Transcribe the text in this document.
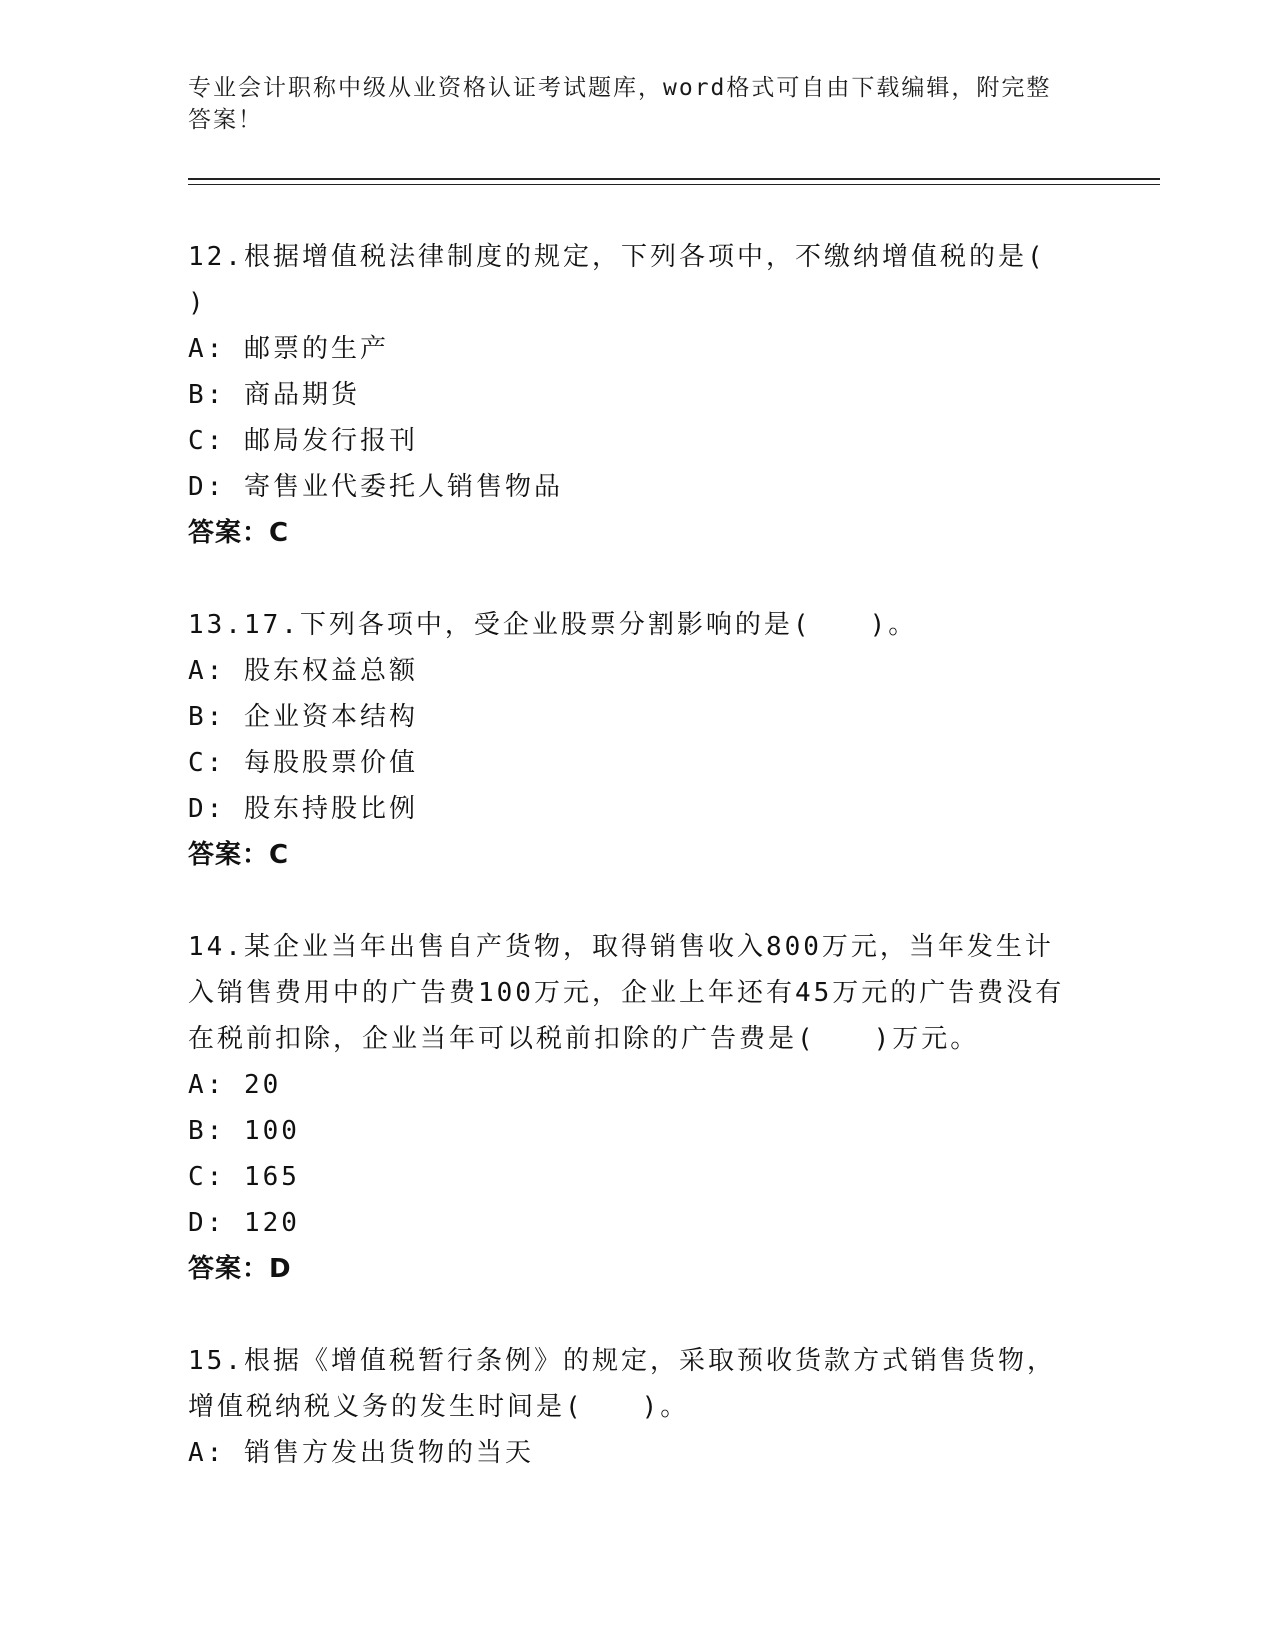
专业会计职称中级从业资格认证考试题库，word格式可自由下载编辑，附完整答案！

12.根据增值税法律制度的规定，下列各项中，不缴纳增值税的是( )

A: 邮票的生产

B: 商品期货

C: 邮局发行报刊

D: 寄售业代委托人销售物品

答案：C

13.17.下列各项中，受企业股票分割影响的是(　　)。

A: 股东权益总额

B: 企业资本结构

C: 每股股票价值

D: 股东持股比例

答案：C

14.某企业当年出售自产货物，取得销售收入800万元，当年发生计入销售费用中的广告费100万元，企业上年还有45万元的广告费没有在税前扣除，企业当年可以税前扣除的广告费是(　　)万元。

A: 20

B: 100

C: 165

D: 120

答案：D

15.根据《增值税暂行条例》的规定，采取预收货款方式销售货物，增值税纳税义务的发生时间是(　　)。

A: 销售方发出货物的当天
